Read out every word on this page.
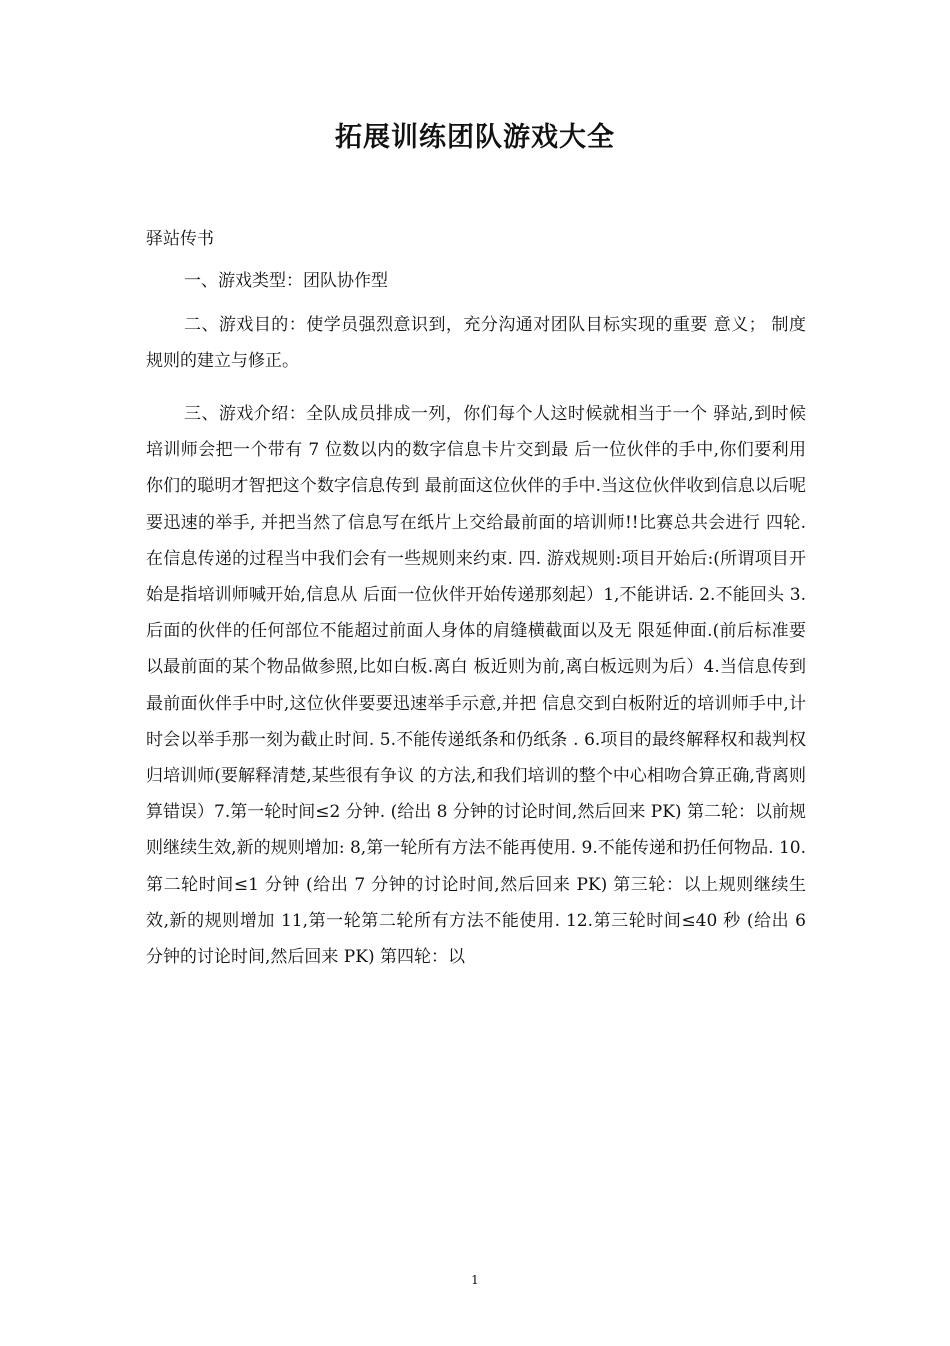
拓展训练团队游戏大全
驿站传书

一、游戏类型：团队协作型

二、游戏目的：使学员强烈意识到，充分沟通对团队目标实现的重要 意义； 制度规则的建立与修正。

三、游戏介绍：全队成员排成一列，你们每个人这时候就相当于一个 驿站,到时候培训师会把一个带有 7 位数以内的数字信息卡片交到最 后一位伙伴的手中,你们要利用你们的聪明才智把这个数字信息传到 最前面这位伙伴的手中.当这位伙伴收到信息以后呢要迅速的举手, 并把当然了信息写在纸片上交给最前面的培训师!!比赛总共会进行 四轮.在信息传递的过程当中我们会有一些规则来约束. 四. 游戏规则:项目开始后:(所谓项目开始是指培训师喊开始,信息从 后面一位伙伴开始传递那刻起）1,不能讲话. 2.不能回头 3.后面的伙伴的任何部位不能超过前面人身体的肩缝横截面以及无 限延伸面.(前后标准要以最前面的某个物品做参照,比如白板.离白 板近则为前,离白板远则为后）4.当信息传到最前面伙伴手中时,这位伙伴要要迅速举手示意,并把 信息交到白板附近的培训师手中,计时会以举手那一刻为截止时间. 5.不能传递纸条和仍纸条 . 6.项目的最终解释权和裁判权归培训师(要解释清楚,某些很有争议 的方法,和我们培训的整个中心相吻合算正确,背离则算错误）7.第一轮时间≤2 分钟. (给出 8 分钟的讨论时间,然后回来 PK) 第二轮：以前规则继续生效,新的规则增加: 8,第一轮所有方法不能再使用. 9.不能传递和扔任何物品. 10.第二轮时间≤1 分钟 (给出 7 分钟的讨论时间,然后回来 PK) 第三轮：以上规则继续生效,新的规则增加 11,第一轮第二轮所有方法不能使用. 12.第三轮时间≤40 秒 (给出 6 分钟的讨论时间,然后回来 PK) 第四轮：以

1
